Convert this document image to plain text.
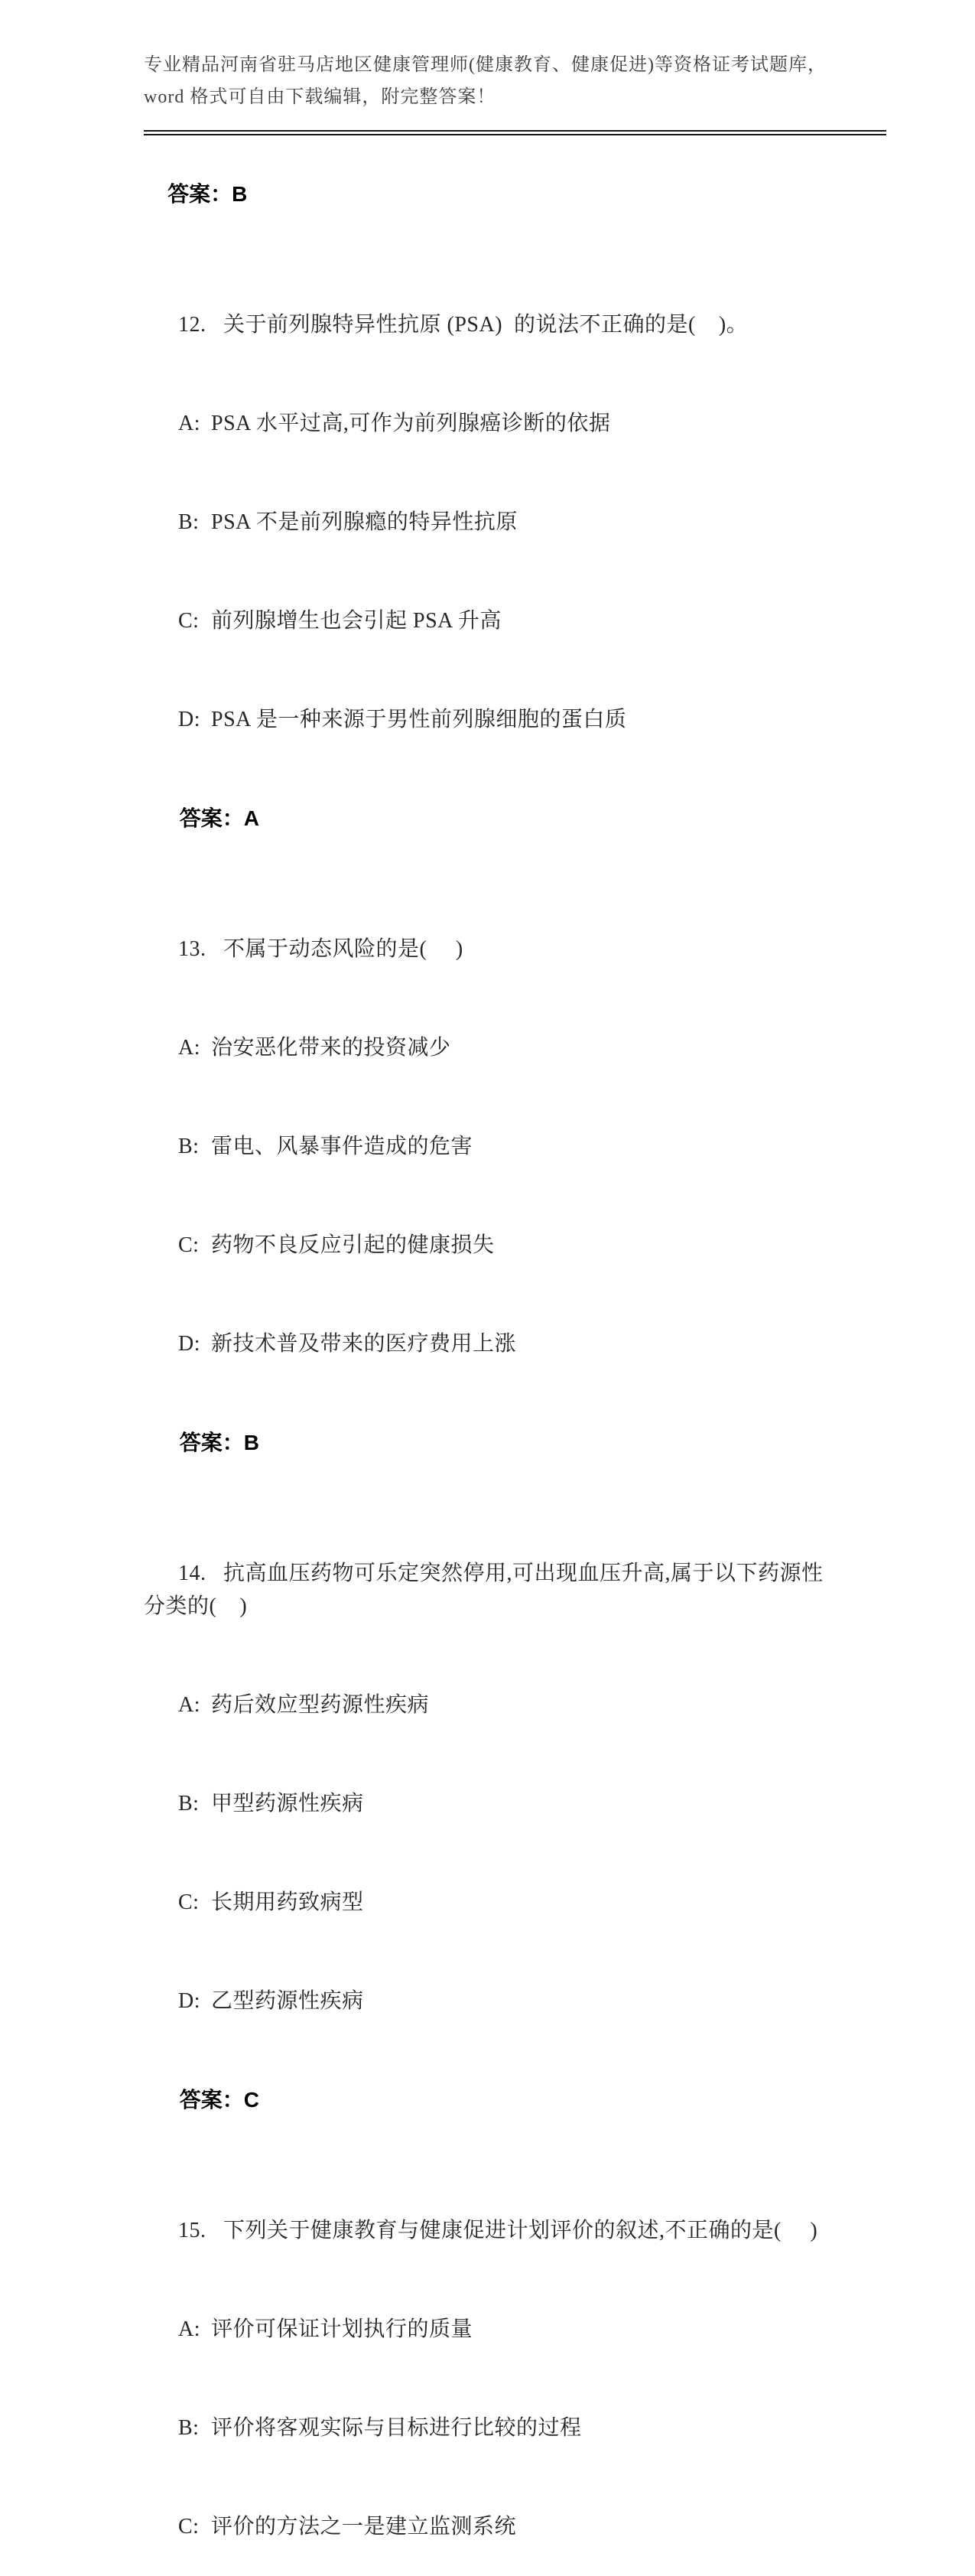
专业精品河南省驻马店地区健康管理师(健康教育、健康促进)等资格证考试题库，
word 格式可自由下载编辑，附完整答案！

答案：B

12. 关于前列腺特异性抗原 (PSA)  的说法不正确的是(    )。

A: PSA 水平过高,可作为前列腺癌诊断的依据

B: PSA 不是前列腺瘾的特异性抗原

C: 前列腺增生也会引起 PSA 升高

D: PSA 是一种来源于男性前列腺细胞的蛋白质

答案：A

13. 不属于动态风险的是(     )

A: 治安恶化带来的投资减少

B: 雷电、风暴事件造成的危害

C: 药物不良反应引起的健康损失

D: 新技术普及带来的医疗费用上涨

答案：B

14. 抗高血压药物可乐定突然停用,可出现血压升高,属于以下药源性
分类的(    )

A: 药后效应型药源性疾病

B: 甲型药源性疾病

C: 长期用药致病型

D: 乙型药源性疾病

答案：C

15. 下列关于健康教育与健康促进计划评价的叙述,不正确的是(     )

A: 评价可保证计划执行的质量

B: 评价将客观实际与目标进行比较的过程

C: 评价的方法之一是建立监测系统
